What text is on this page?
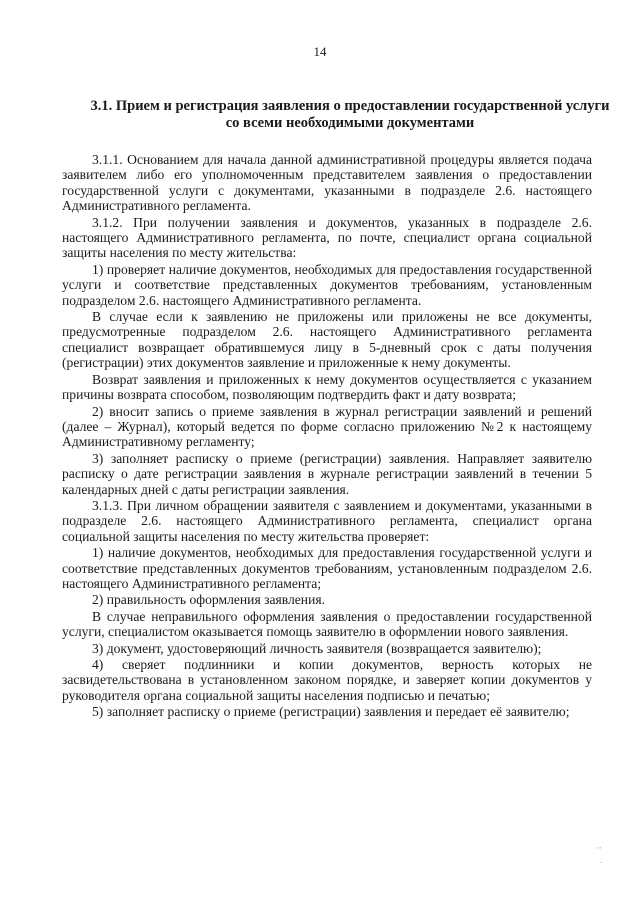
14
3.1. Прием и регистрация заявления о предоставлении государственной услуги со всеми необходимыми документами

3.1.1. Основанием для начала данной административной процедуры является подача заявителем либо его уполномоченным представителем заявления о предоставлении государственной услуги с документами, указанными в подразделе 2.6. настоящего Административного регламента.

3.1.2. При получении заявления и документов, указанных в подразделе 2.6. настоящего Административного регламента, по почте, специалист органа социальной защиты населения по месту жительства:

1) проверяет наличие документов, необходимых для предоставления государственной услуги и соответствие представленных документов требованиям, установленным подразделом 2.6. настоящего Административного регламента.

В случае если к заявлению не приложены или приложены не все документы, предусмотренные подразделом 2.6. настоящего Административного регламента специалист возвращает обратившемуся лицу в 5-дневный срок с даты получения (регистрации) этих документов заявление и приложенные к нему документы.

Возврат заявления и приложенных к нему документов осуществляется с указанием причины возврата способом, позволяющим подтвердить факт и дату возврата;

2) вносит запись о приеме заявления в журнал регистрации заявлений и решений (далее – Журнал), который ведется по форме согласно приложению №2 к настоящему Административному регламенту;

3) заполняет расписку о приеме (регистрации) заявления. Направляет заявителю расписку о дате регистрации заявления в журнале регистрации заявлений в течении 5 календарных дней с даты регистрации заявления.

3.1.3. При личном обращении заявителя с заявлением и документами, указанными в подразделе 2.6. настоящего Административного регламента, специалист органа социальной защиты населения по месту жительства проверяет:

1) наличие документов, необходимых для предоставления государственной услуги и соответствие представленных документов требованиям, установленным подразделом 2.6. настоящего Административного регламента;

2) правильность оформления заявления.

В случае неправильного оформления заявления о предоставлении государственной услуги, специалистом оказывается помощь заявителю в оформлении нового заявления.

3) документ, удостоверяющий личность заявителя (возвращается заявителю);

4) сверяет подлинники и копии документов, верность которых не засвидетельствована в установленном законом порядке, и заверяет копии документов у руководителя органа социальной защиты населения подписью и печатью;

5) заполняет расписку о приеме (регистрации) заявления и передает её заявителю;

⋯
·
